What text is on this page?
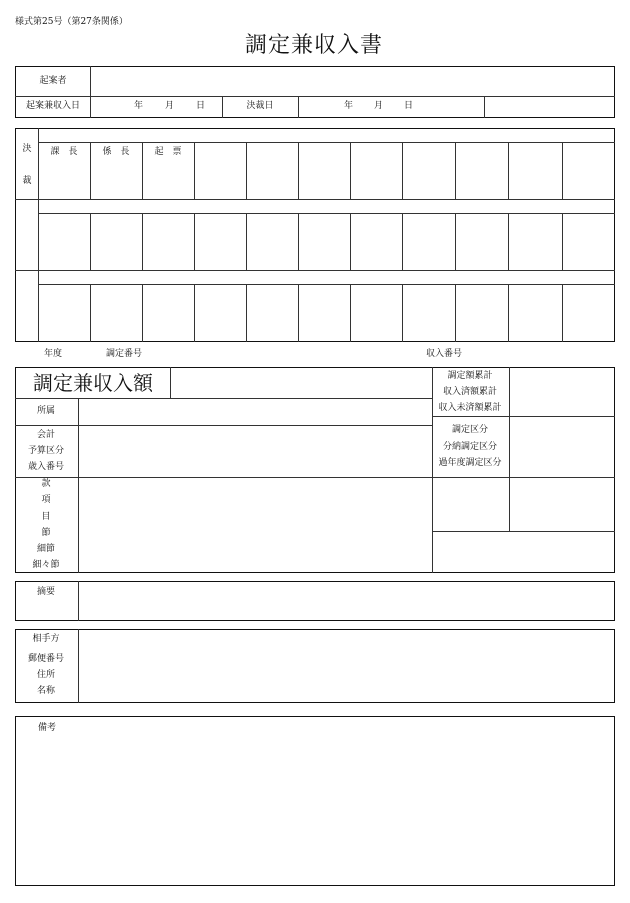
様式第25号（第27条関係）
調定兼収入書
起案者
起案兼収入日	年 月 日	決裁日	年 月 日
決
裁
課　長	係　長	起　票
年度	調定番号	収入番号
調定兼収入額
所属
会計
予算区分
歳入番号
款
項
目
節
細節
細々節
調定額累計
収入済額累計
収入未済額累計
調定区分
分納調定区分
過年度調定区分
摘要
相手方
郵便番号
住所
名称
備考
